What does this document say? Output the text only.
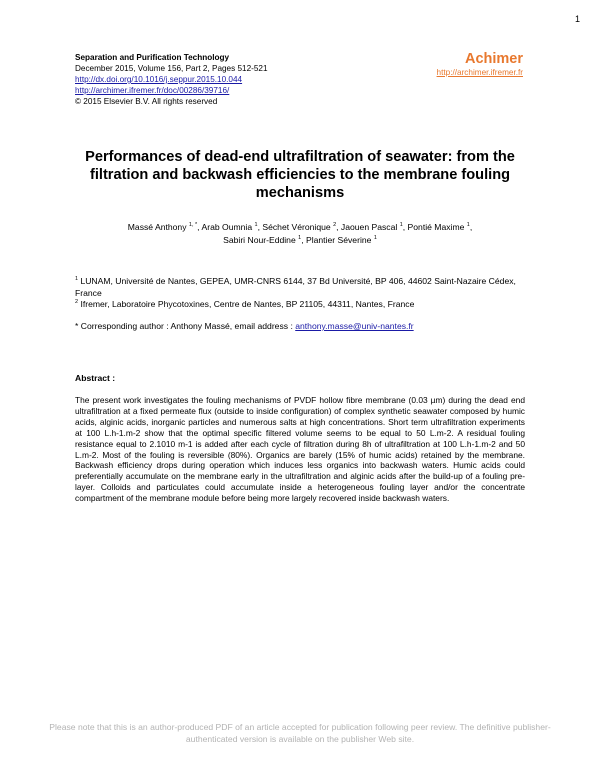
1
Separation and Purification Technology
December 2015, Volume 156, Part 2, Pages 512-521
http://dx.doi.org/10.1016/j.seppur.2015.10.044
http://archimer.ifremer.fr/doc/00286/39716/
© 2015 Elsevier B.V. All rights reserved
Achimer
http://archimer.ifremer.fr
Performances of dead-end ultrafiltration of seawater: from the filtration and backwash efficiencies to the membrane fouling mechanisms
Massé Anthony $^{1, *}$, Arab Oumnia $^1$, Séchet Véronique $^2$, Jaouen Pascal $^1$, Pontié Maxime $^1$,
Sabiri Nour-Eddine $^1$, Plantier Séverine $^1$

$^1$ LUNAM, Université de Nantes, GEPEA, UMR-CNRS 6144, 37 Bd Université, BP 406, 44602 Saint-Nazaire Cédex, France

$^2$ Ifremer, Laboratoire Phycotoxines, Centre de Nantes, BP 21105, 44311, Nantes, France

* Corresponding author : Anthony Massé, email address : anthony.masse@univ-nantes.fr
Abstract :
The present work investigates the fouling mechanisms of PVDF hollow fibre membrane (0.03 µm) during the dead end ultrafiltration at a fixed permeate flux (outside to inside configuration) of complex synthetic seawater composed by humic acids, alginic acids, inorganic particles and numerous salts at high concentrations. Short term ultrafiltration experiments at 100 L.h-1.m-2 show that the optimal specific filtered volume seems to be equal to 50 L.m-2. A residual fouling resistance equal to 2.1010 m-1 is added after each cycle of filtration during 8h of ultrafiltration at 100 L.h-1.m-2 and 50 L.m-2. Most of the fouling is reversible (80%). Organics are barely (15% of humic acids) retained by the membrane. Backwash efficiency drops during operation which induces less organics into backwash waters. Humic acids could preferentially accumulate on the membrane early in the ultrafiltration and alginic acids after the build-up of a fouling pre-layer. Colloids and particulates could accumulate inside a heterogeneous fouling layer and/or the concentrate compartment of the membrane module before being more largely recovered inside backwash waters.
Please note that this is an author-produced PDF of an article accepted for publication following peer review. The definitive publisher-authenticated version is available on the publisher Web site.
